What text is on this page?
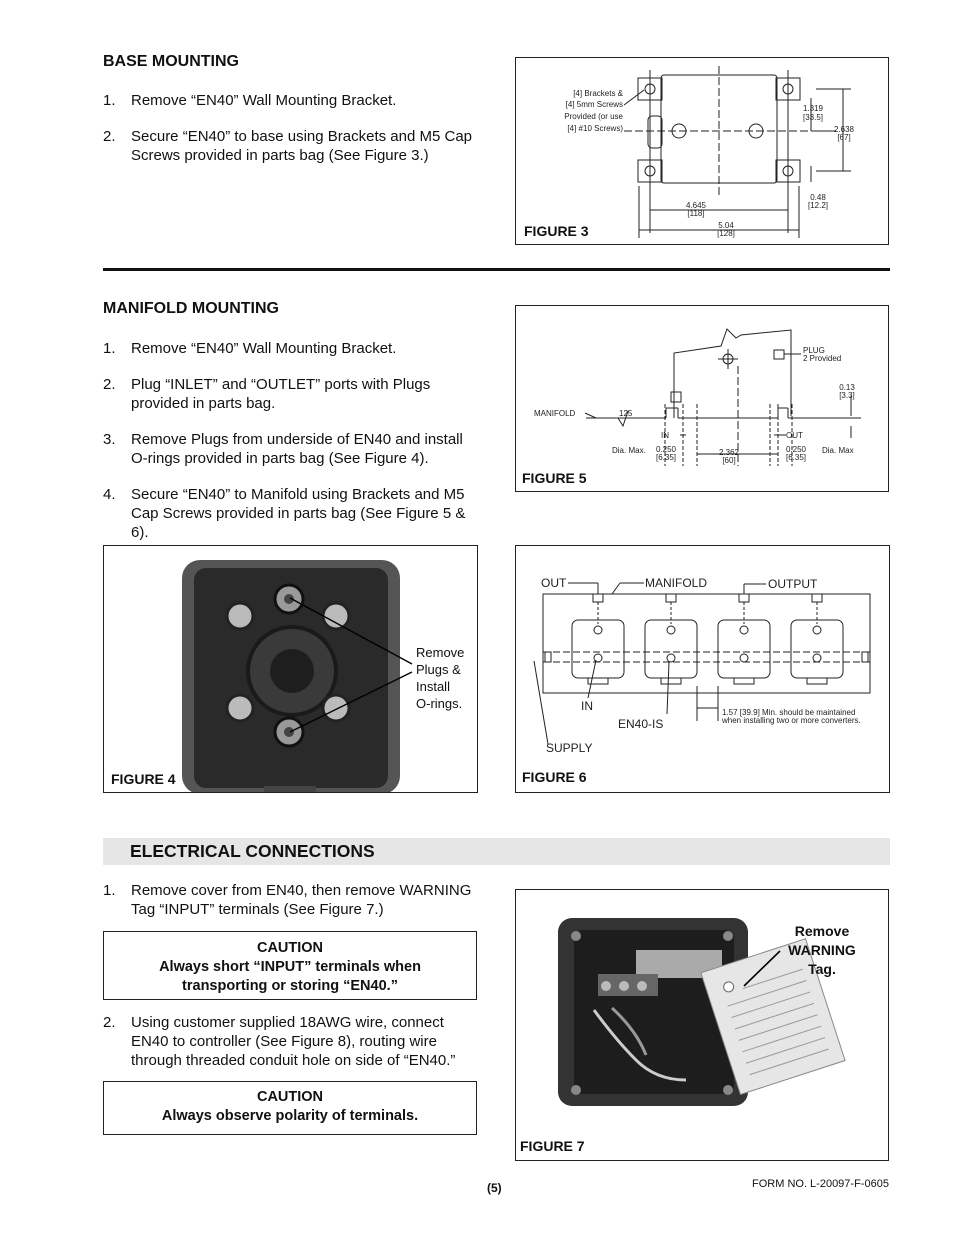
BASE MOUNTING
1. Remove “EN40” Wall Mounting Bracket.
2. Secure “EN40” to base using Brackets and M5 Cap Screws provided in parts bag (See Figure 3.)
[4] Brackets &
[4] 5mm Screws
Provided (or use
[4] #10 Screws)
1.319
[33.5]
2.638
[67]
0.48
[12.2]
4.645
[118]
5.04
[128]
FIGURE 3
MANIFOLD MOUNTING
1. Remove “EN40” Wall Mounting Bracket.
2. Plug “INLET” and “OUTLET” ports with Plugs provided in parts bag.
3. Remove Plugs from underside of EN40 and install O-rings provided in parts bag (See Figure 4).
4. Secure “EN40” to Manifold using Brackets and M5 Cap Screws provided in parts bag (See Figure 5 & 6).
PLUG
2 Provided
0.13
[3.3]
MANIFOLD	125
IN	OUT
Dia. Max.	Dia. Max
0.250
[6.35]
2.362
[60]
0.250
[6.35]
FIGURE 5
Remove
Plugs &
Install
O-rings.
FIGURE 4
OUT	MANIFOLD	OUTPUT
IN
EN40-IS
SUPPLY
1.57 [39.9] Min. should be maintained
when installing two or more converters.
FIGURE 6
ELECTRICAL CONNECTIONS
1. Remove cover from EN40, then remove WARNING Tag “INPUT” terminals (See Figure 7.)
CAUTION
Always short “INPUT” terminals when
transporting or storing “EN40.”
2. Using customer supplied 18AWG wire, connect EN40 to controller (See Figure 8), routing wire through threaded conduit hole on side of “EN40.”
CAUTION
Always observe polarity of terminals.
Remove
WARNING
Tag.
FIGURE 7
(5)	FORM NO. L-20097-F-0605
